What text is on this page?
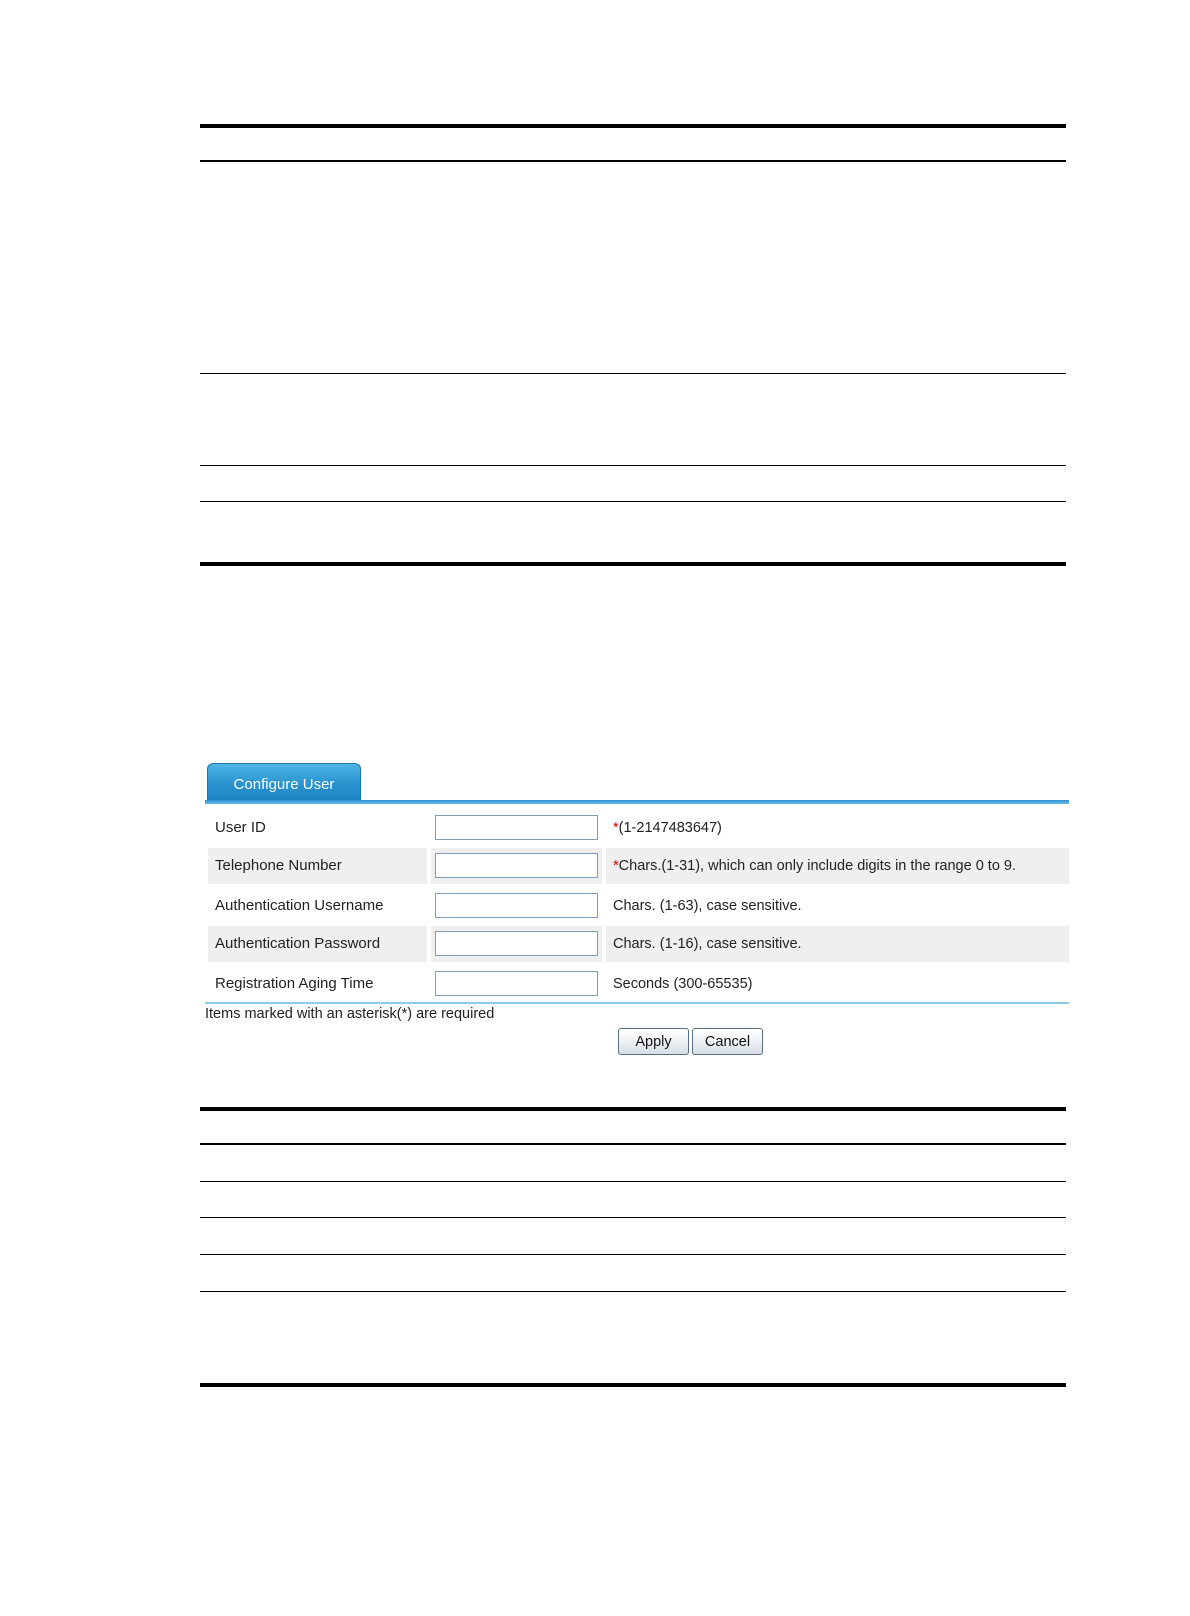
Configure User
User ID	*(1-2147483647)
Telephone Number	*Chars.(1-31), which can only include digits in the range 0 to 9.
Authentication Username	Chars. (1-63), case sensitive.
Authentication Password	Chars. (1-16), case sensitive.
Registration Aging Time	Seconds (300-65535)
Items marked with an asterisk(*) are required
Apply	Cancel
